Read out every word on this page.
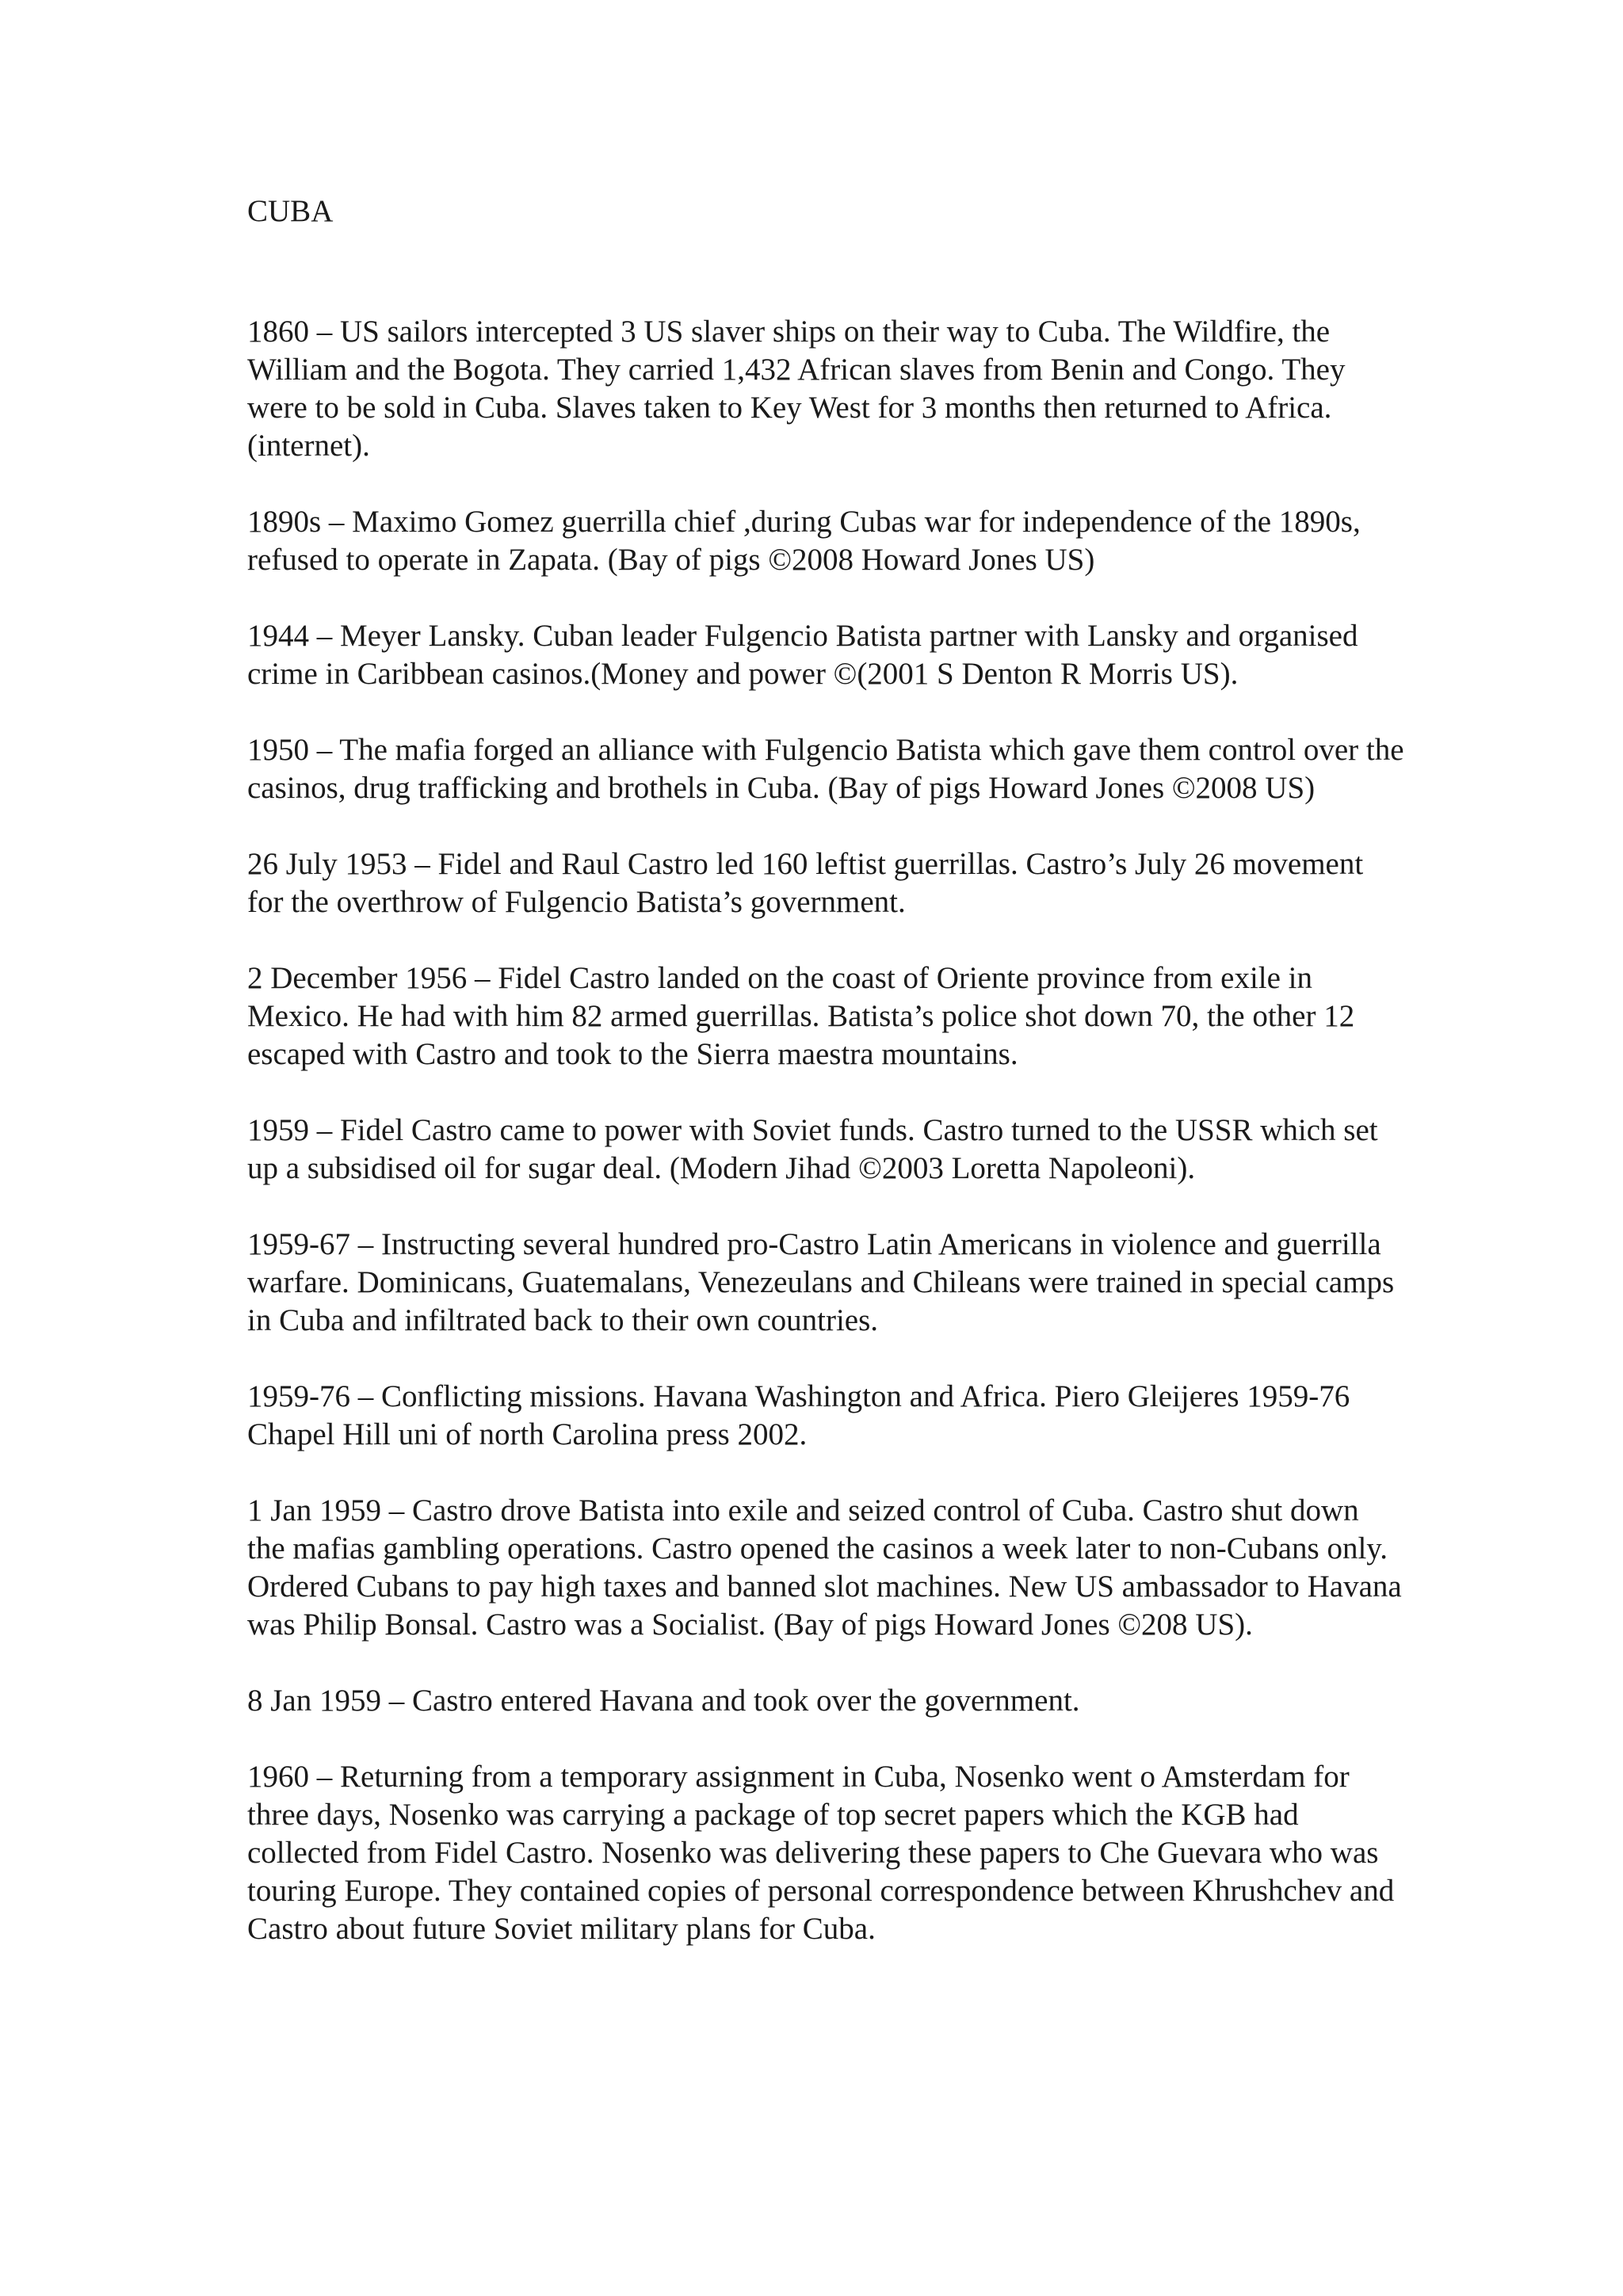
CUBA

1860 – US sailors intercepted 3 US slaver ships on their way to Cuba. The Wildfire, the William and the Bogota. They carried 1,432 African slaves from Benin and Congo. They were to be sold in Cuba. Slaves taken to Key West for 3 months then returned to Africa. (internet).

1890s – Maximo Gomez guerrilla chief ,during Cubas war for independence of the 1890s, refused to operate in Zapata. (Bay of pigs ©2008 Howard Jones US)

1944 – Meyer Lansky. Cuban leader Fulgencio Batista partner with Lansky and organised crime in Caribbean casinos.(Money and power ©(2001 S Denton R Morris US).

1950 – The mafia forged an alliance with Fulgencio Batista which gave them control over the casinos, drug trafficking and brothels in Cuba. (Bay of pigs Howard Jones ©2008 US)

26 July 1953 – Fidel and Raul Castro led 160 leftist guerrillas. Castro’s July 26 movement for the overthrow of Fulgencio Batista’s government.

2 December 1956 – Fidel Castro landed on the coast of Oriente province from exile in Mexico. He had with him 82 armed guerrillas. Batista’s police shot down 70, the other 12 escaped with Castro and took to the Sierra maestra mountains.

1959 – Fidel Castro came to power with Soviet funds. Castro turned to the USSR which set up a subsidised oil for sugar deal. (Modern Jihad ©2003 Loretta Napoleoni).

1959-67 – Instructing several hundred pro-Castro Latin Americans in violence and guerrilla warfare. Dominicans, Guatemalans, Venezeulans and Chileans were trained in special camps in Cuba and infiltrated back to their own countries.

1959-76 – Conflicting missions. Havana Washington and Africa. Piero Gleijeres 1959-76 Chapel Hill uni of north Carolina press 2002.

1 Jan 1959 – Castro drove Batista into exile and seized control of Cuba. Castro shut down the mafias gambling operations. Castro opened the casinos a week later to non-Cubans only. Ordered Cubans to pay high taxes and banned slot machines. New US ambassador to Havana was Philip Bonsal. Castro was a Socialist. (Bay of pigs Howard Jones ©208 US).

8 Jan 1959 – Castro entered Havana and took over the government.

1960 – Returning from a temporary assignment in Cuba, Nosenko went o Amsterdam for three days, Nosenko was carrying a package of top secret papers which the KGB had collected from Fidel Castro. Nosenko was delivering these papers to Che Guevara who was touring Europe. They contained copies of personal correspondence between Khrushchev and Castro about future Soviet military plans for Cuba.
